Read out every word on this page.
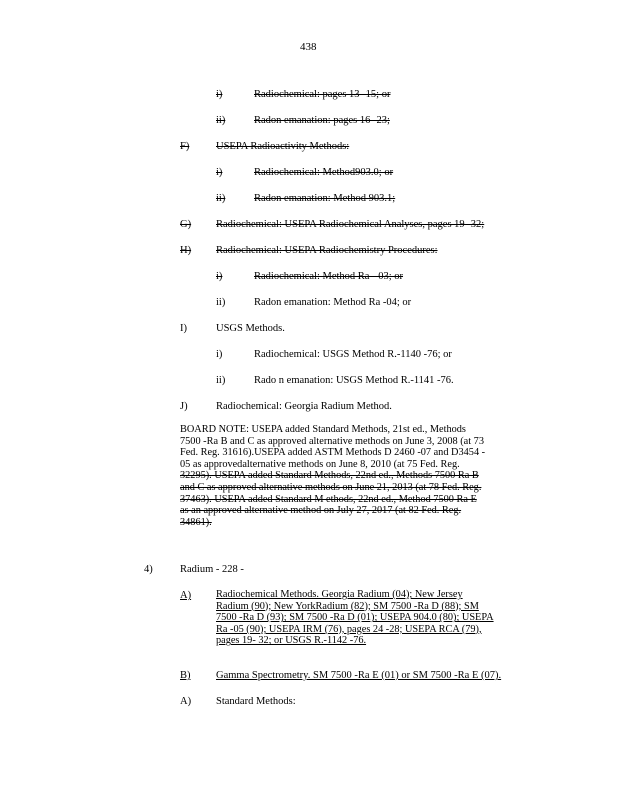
438
i)	Radiochemical: pages 13- 15; or
ii)	Radon emanation: pages 16- 23;
F)	USEPA Radioactivity Methods:
i)	Radiochemical: Method903.0; or
ii)	Radon emanation: Method 903.1;
G) Radiochemical: USEPA Radiochemical Analyses, pages 19- 32;
H) Radiochemical: USEPA Radiochemistry Procedures:
i)	Radiochemical: Method Ra - 03; or
ii)	Radon emanation: Method Ra -04; or
I)	USGS Methods.
i)	Radiochemical: USGS Method R.-1140 -76; or
ii)	Rado n emanation: USGS Method R.-1141 -76.
J)	Radiochemical: Georgia Radium Method.
BOARD NOTE: USEPA added Standard Methods, 21st ed., Methods
7500 -Ra B and C as approved alternative methods on June 3, 2008 (at 73
Fed. Reg. 31616).USEPA added ASTM Methods D 2460 -07 and D3454 -
05 as approvedalternative methods on June 8, 2010 (at 75 Fed. Reg.
32295). USEPA added Standard Methods, 22nd ed., Methods 7500 Ra B
and C as approved alternative methods on June 21, 2013 (at 78 Fed. Reg.
37463). USEPA added Standard M ethods, 22nd ed., Method 7500 Ra E
as an approved alternative method on July 27, 2017 (at 82 Fed. Reg.
34861).
4)	Radium - 228 -
A) Radiochemical Methods. Georgia Radium (04); New Jersey
Radium (90); New YorkRadium (82); SM 7500 -Ra D (88); SM
7500 -Ra D (93); SM 7500 -Ra D (01); USEPA 904.0 (80); USEPA
Ra -05 (90); USEPA IRM (76), pages 24 -28; USEPA RCA (79),
pages 19- 32; or USGS R.-1142 -76.
B) Gamma Spectrometry. SM 7500 -Ra E (01) or SM 7500 -Ra E (07).
A) Standard Methods:
